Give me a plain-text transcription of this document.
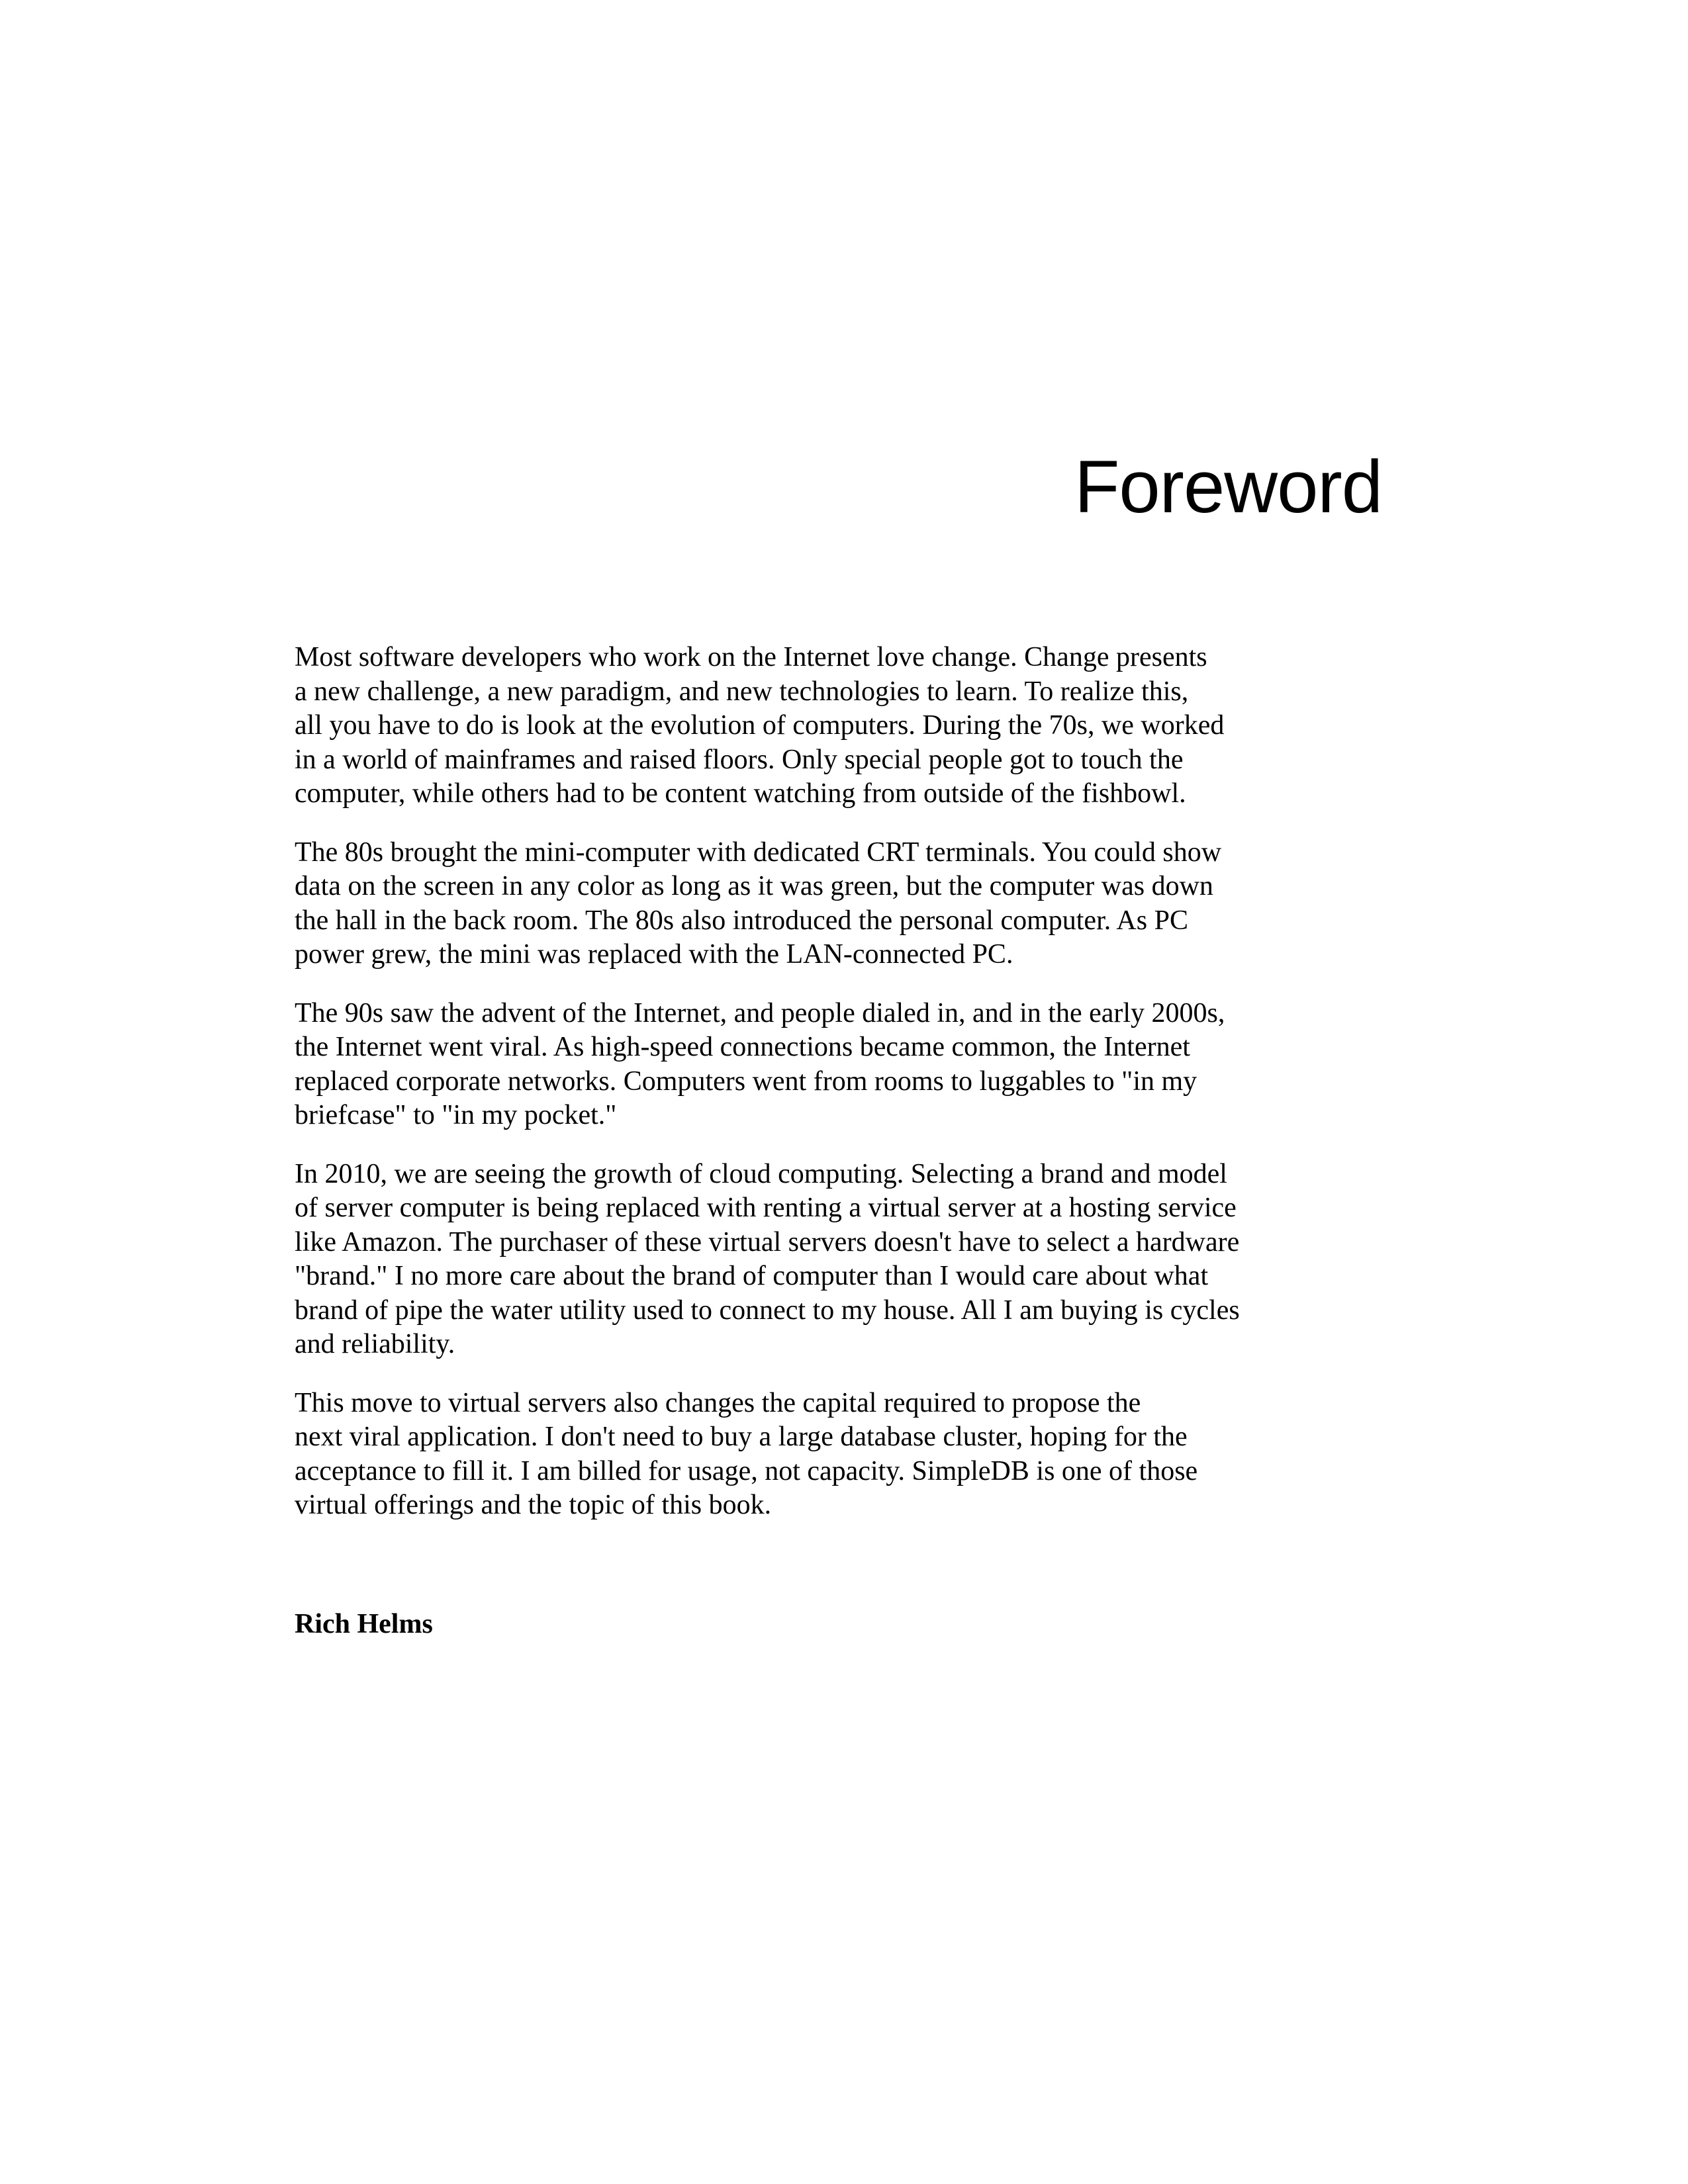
Foreword

Most software developers who work on the Internet love change. Change presents
a new challenge, a new paradigm, and new technologies to learn. To realize this,
all you have to do is look at the evolution of computers. During the 70s, we worked
in a world of mainframes and raised floors. Only special people got to touch the
computer, while others had to be content watching from outside of the fishbowl.

The 80s brought the mini-computer with dedicated CRT terminals. You could show
data on the screen in any color as long as it was green, but the computer was down
the hall in the back room. The 80s also introduced the personal computer. As PC
power grew, the mini was replaced with the LAN-connected PC.

The 90s saw the advent of the Internet, and people dialed in, and in the early 2000s,
the Internet went viral. As high-speed connections became common, the Internet
replaced corporate networks. Computers went from rooms to luggables to "in my
briefcase" to "in my pocket."

In 2010, we are seeing the growth of cloud computing. Selecting a brand and model
of server computer is being replaced with renting a virtual server at a hosting service
like Amazon. The purchaser of these virtual servers doesn't have to select a hardware
"brand." I no more care about the brand of computer than I would care about what
brand of pipe the water utility used to connect to my house. All I am buying is cycles
and reliability.

This move to virtual servers also changes the capital required to propose the
next viral application. I don't need to buy a large database cluster, hoping for the
acceptance to fill it. I am billed for usage, not capacity. SimpleDB is one of those
virtual offerings and the topic of this book.

Rich Helms
